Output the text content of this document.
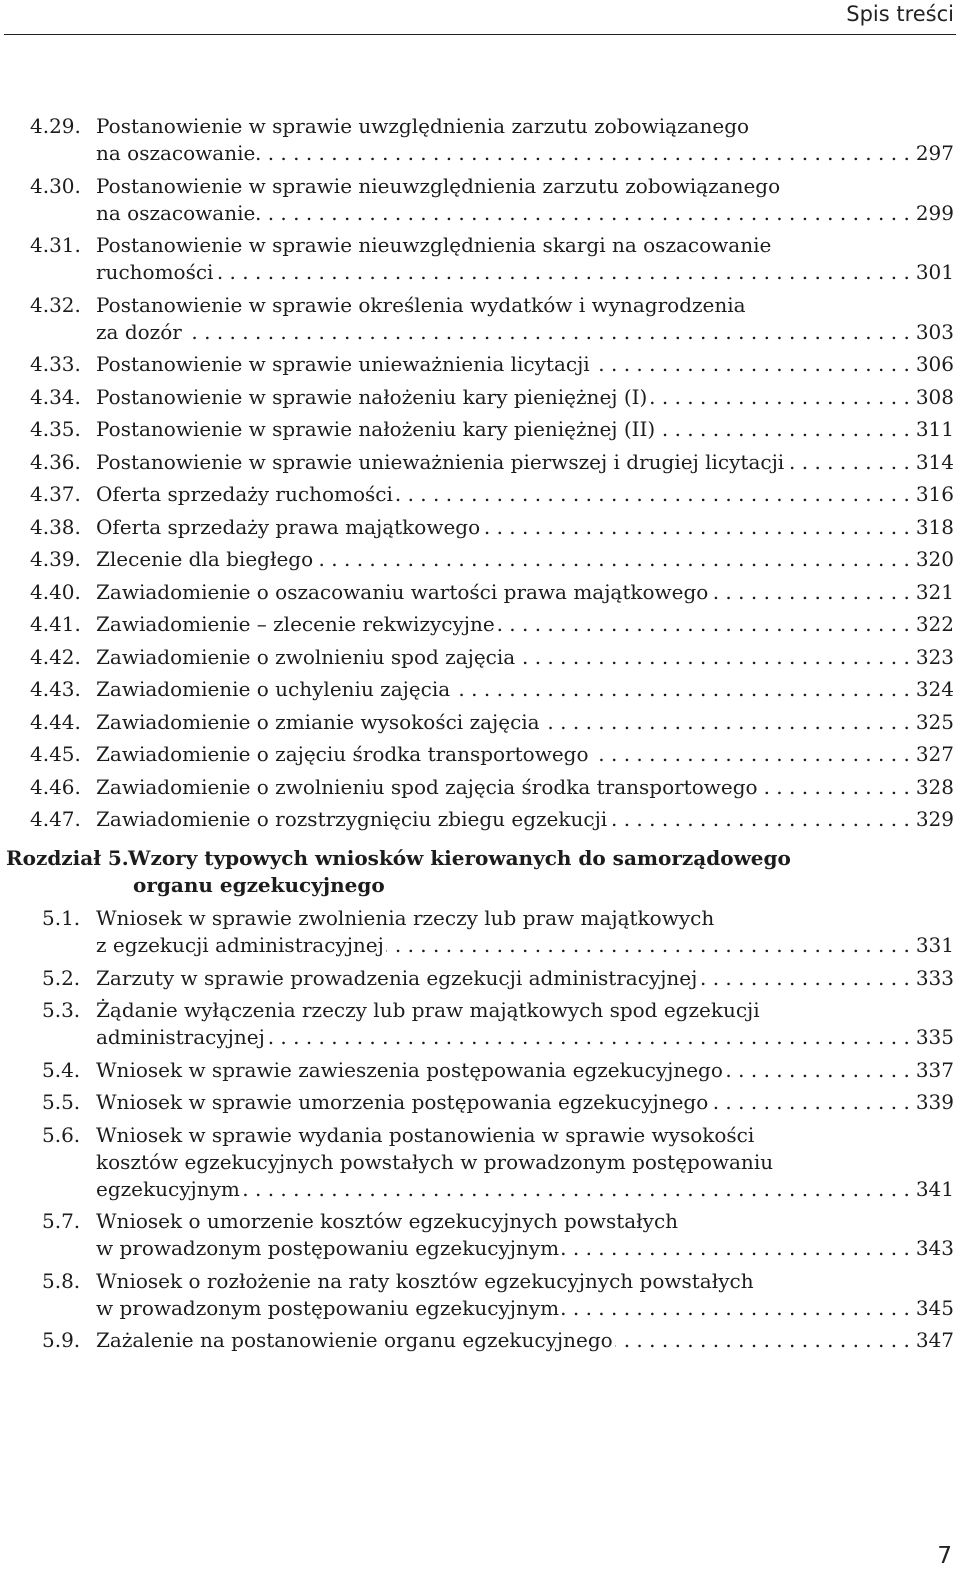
Spis treści
4.29. Postanowienie w sprawie uwzględnienia zarzutu zobowiązanego
na oszacowanie . . .	297
4.30. Postanowienie w sprawie nieuwzględnienia zarzutu zobowiązanego
na oszacowanie . . .	299
4.31. Postanowienie w sprawie nieuwzględnienia skargi na oszacowanie
ruchomości . . .	301
4.32. Postanowienie w sprawie określenia wydatków i wynagrodzenia
za dozór . . .	303
4.33. Postanowienie w sprawie unieważnienia licytacji . . .	306
4.34. Postanowienie w sprawie nałożeniu kary pieniężnej (I) . . .	308
4.35. Postanowienie w sprawie nałożeniu kary pieniężnej (II) . . .	311
4.36. Postanowienie w sprawie unieważnienia pierwszej i drugiej licytacji . . .	314
4.37. Oferta sprzedaży ruchomości . . .	316
4.38. Oferta sprzedaży prawa majątkowego . . .	318
4.39. Zlecenie dla biegłego . . .	320
4.40. Zawiadomienie o oszacowaniu wartości prawa majątkowego . . .	321
4.41. Zawiadomienie – zlecenie rekwizycyjne . . .	322
4.42. Zawiadomienie o zwolnieniu spod zajęcia . . .	323
4.43. Zawiadomienie o uchyleniu zajęcia . . .	324
4.44. Zawiadomienie o zmianie wysokości zajęcia . . .	325
4.45. Zawiadomienie o zajęciu środka transportowego . . .	327
4.46. Zawiadomienie o zwolnieniu spod zajęcia środka transportowego . . .	328
4.47. Zawiadomienie o rozstrzygnięciu zbiegu egzekucji . . .	329
Rozdział 5. Wzory typowych wniosków kierowanych do samorządowego
organu egzekucyjnego
5.1. Wniosek w sprawie zwolnienia rzeczy lub praw majątkowych
z egzekucji administracyjnej . . .	331
5.2. Zarzuty w sprawie prowadzenia egzekucji administracyjnej . . .	333
5.3. Żądanie wyłączenia rzeczy lub praw majątkowych spod egzekucji
administracyjnej . . .	335
5.4. Wniosek w sprawie zawieszenia postępowania egzekucyjnego . . .	337
5.5. Wniosek w sprawie umorzenia postępowania egzekucyjnego . . .	339
5.6. Wniosek w sprawie wydania postanowienia w sprawie wysokości
kosztów egzekucyjnych powstałych w prowadzonym postępowaniu
egzekucyjnym . . .	341
5.7. Wniosek o umorzenie kosztów egzekucyjnych powstałych
w prowadzonym postępowaniu egzekucyjnym . . .	343
5.8. Wniosek o rozłożenie na raty kosztów egzekucyjnych powstałych
w prowadzonym postępowaniu egzekucyjnym . . .	345
5.9. Zażalenie na postanowienie organu egzekucyjnego . . .	347
7
